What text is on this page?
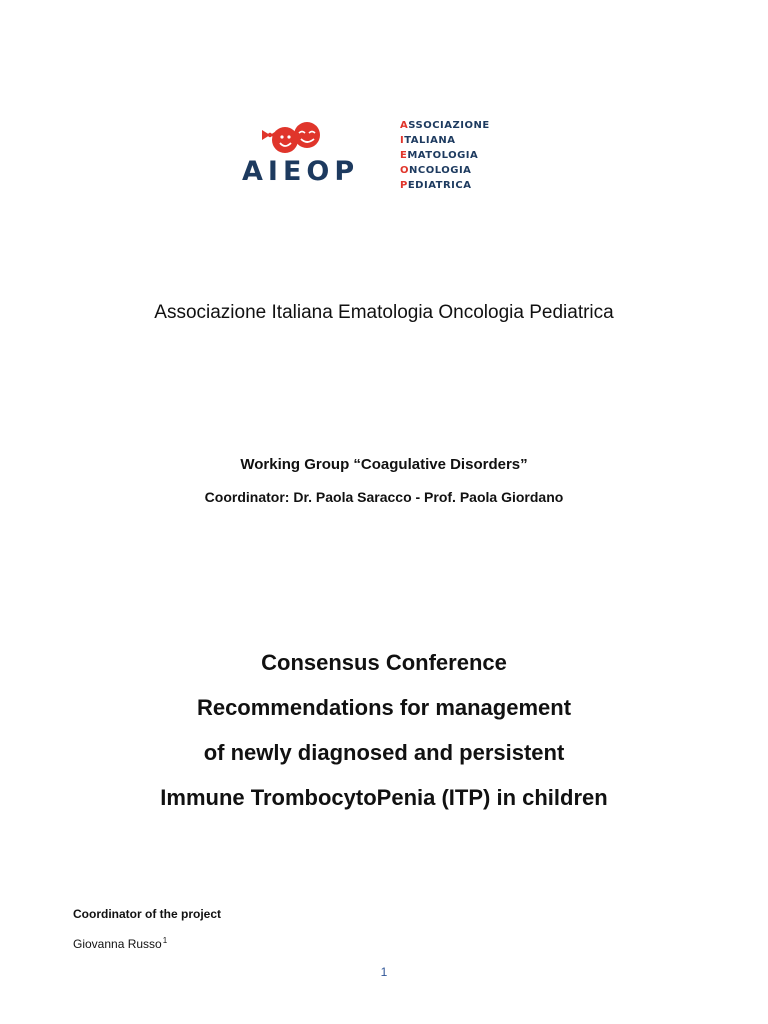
AIEOP
ASSOCIAZIONE
ITALIANA
EMATOLOGIA
ONCOLOGIA
PEDIATRICA
Associazione Italiana Ematologia Oncologia Pediatrica
Working Group “Coagulative Disorders”
Coordinator: Dr. Paola Saracco - Prof. Paola Giordano
Consensus Conference
Recommendations for management
of newly diagnosed and persistent
Immune TrombocytoPenia (ITP) in children
Coordinator of the project
Giovanna Russo$^1$
1
